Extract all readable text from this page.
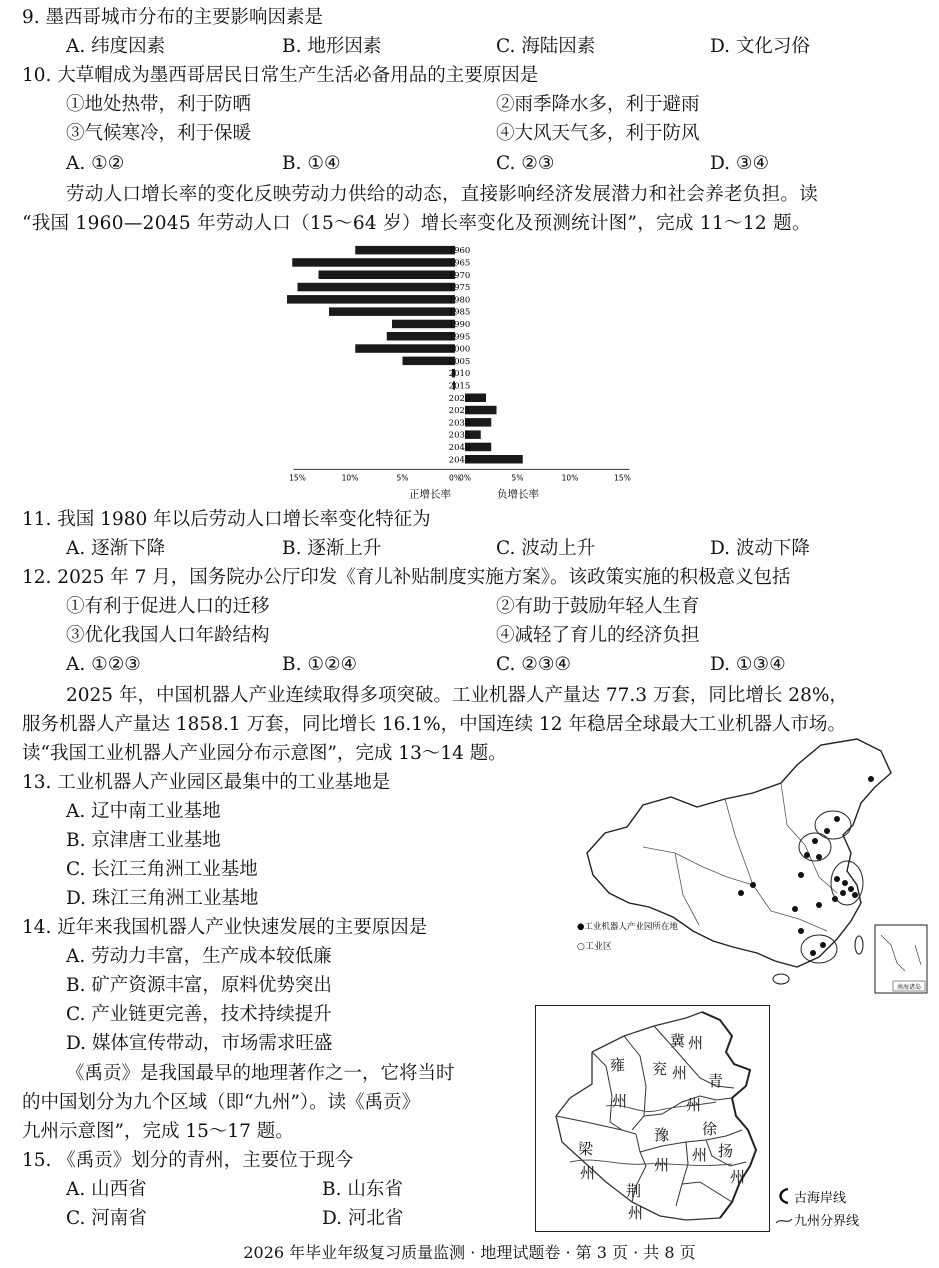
9. 墨西哥城市分布的主要影响因素是
A. 纬度因素	B. 地形因素	C. 海陆因素	D. 文化习俗
10. 大草帽成为墨西哥居民日常生产生活必备用品的主要原因是
①地处热带，利于防晒	②雨季降水多，利于避雨
③气候寒冷，利于保暖	④大风天气多，利于防风
A. ①②	B. ①④	C. ②③	D. ③④
劳动人口增长率的变化反映劳动力供给的动态，直接影响经济发展潜力和社会养老负担。读
“我国 1960—2045 年劳动人口（15～64 岁）增长率变化及预测统计图”，完成 11～12 题。
1960
1965
1970
1975
1980
1985
1990
1995
2000
2005
2010
2015
2020
2025
2030
2035
2040
2045
15%	10%	5%	0%
0%	5%	10%	15%
正增长率	负增长率
11. 我国 1980 年以后劳动人口增长率变化特征为
A. 逐渐下降	B. 逐渐上升	C. 波动上升	D. 波动下降
12. 2025 年 7 月，国务院办公厅印发《育儿补贴制度实施方案》。该政策实施的积极意义包括
①有利于促进人口的迁移	②有助于鼓励年轻人生育
③优化我国人口年龄结构	④减轻了育儿的经济负担
A. ①②③	B. ①②④	C. ②③④	D. ①③④
2025 年，中国机器人产业连续取得多项突破。工业机器人产量达 77.3 万套，同比增长 28%，
服务机器人产量达 1858.1 万套，同比增长 16.1%，中国连续 12 年稳居全球最大工业机器人市场。
读“我国工业机器人产业园分布示意图”，完成 13～14 题。
13. 工业机器人产业园区最集中的工业基地是
A. 辽中南工业基地
B. 京津唐工业基地
C. 长江三角洲工业基地
D. 珠江三角洲工业基地
南海诸岛
●工业机器人产业园所在地
○工业区
14. 近年来我国机器人产业快速发展的主要原因是
A. 劳动力丰富，生产成本较低廉
B. 矿产资源丰富，原料优势突出
C. 产业链更完善，技术持续提升
D. 媒体宣传带动，市场需求旺盛
《禹贡》是我国最早的地理著作之一，它将当时
的中国划分为九个区域（即“九州”）。读《禹贡》
九州示意图”，完成 15～17 题。
15. 《禹贡》划分的青州，主要位于现今
A. 山西省	B. 山东省
C. 河南省	D. 河北省
冀 州
雍
州
兖 州 青
州
徐
州
梁
州
豫
州
扬
州
荆
州
古海岸线
九州分界线
2026 年毕业年级复习质量监测 · 地理试题卷 · 第 3 页 · 共 8 页
